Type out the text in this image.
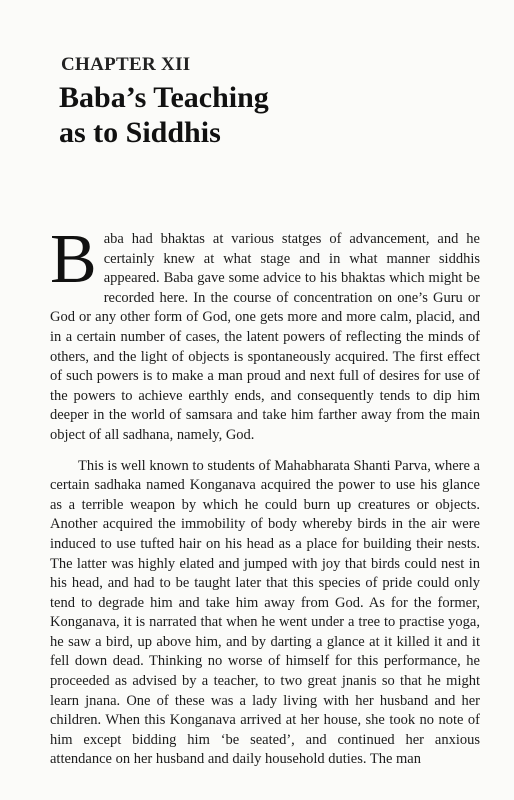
CHAPTER XII
Baba’s Teaching
as to Siddhis

Baba had bhaktas at various statges of advancement, and he certainly knew at what stage and in what manner siddhis appeared. Baba gave some advice to his bhaktas which might be recorded here. In the course of concentration on one’s Guru or God or any other form of God, one gets more and more calm, placid, and in a certain number of cases, the latent powers of reflecting the minds of others, and the light of objects is spontaneously acquired. The first effect of such powers is to make a man proud and next full of desires for use of the powers to achieve earthly ends, and consequently tends to dip him deeper in the world of samsara and take him farther away from the main object of all sadhana, namely, God.

This is well known to students of Mahabharata Shanti Parva, where a certain sadhaka named Konganava acquired the power to use his glance as a terrible weapon by which he could burn up creatures or objects. Another acquired the immobility of body whereby birds in the air were induced to use tufted hair on his head as a place for building their nests. The latter was highly elated and jumped with joy that birds could nest in his head, and had to be taught later that this species of pride could only tend to degrade him and take him away from God. As for the former, Konganava, it is narrated that when he went under a tree to practise yoga, he saw a bird, up above him, and by darting a glance at it killed it and it fell down dead. Thinking no worse of himself for this performance, he proceeded as advised by a teacher, to two great jnanis so that he might learn jnana. One of these was a lady living with her husband and her children. When this Konganava arrived at her house, she took no note of him except bidding him ‘be seated’, and continued her anxious attendance on her husband and daily household duties. The man
